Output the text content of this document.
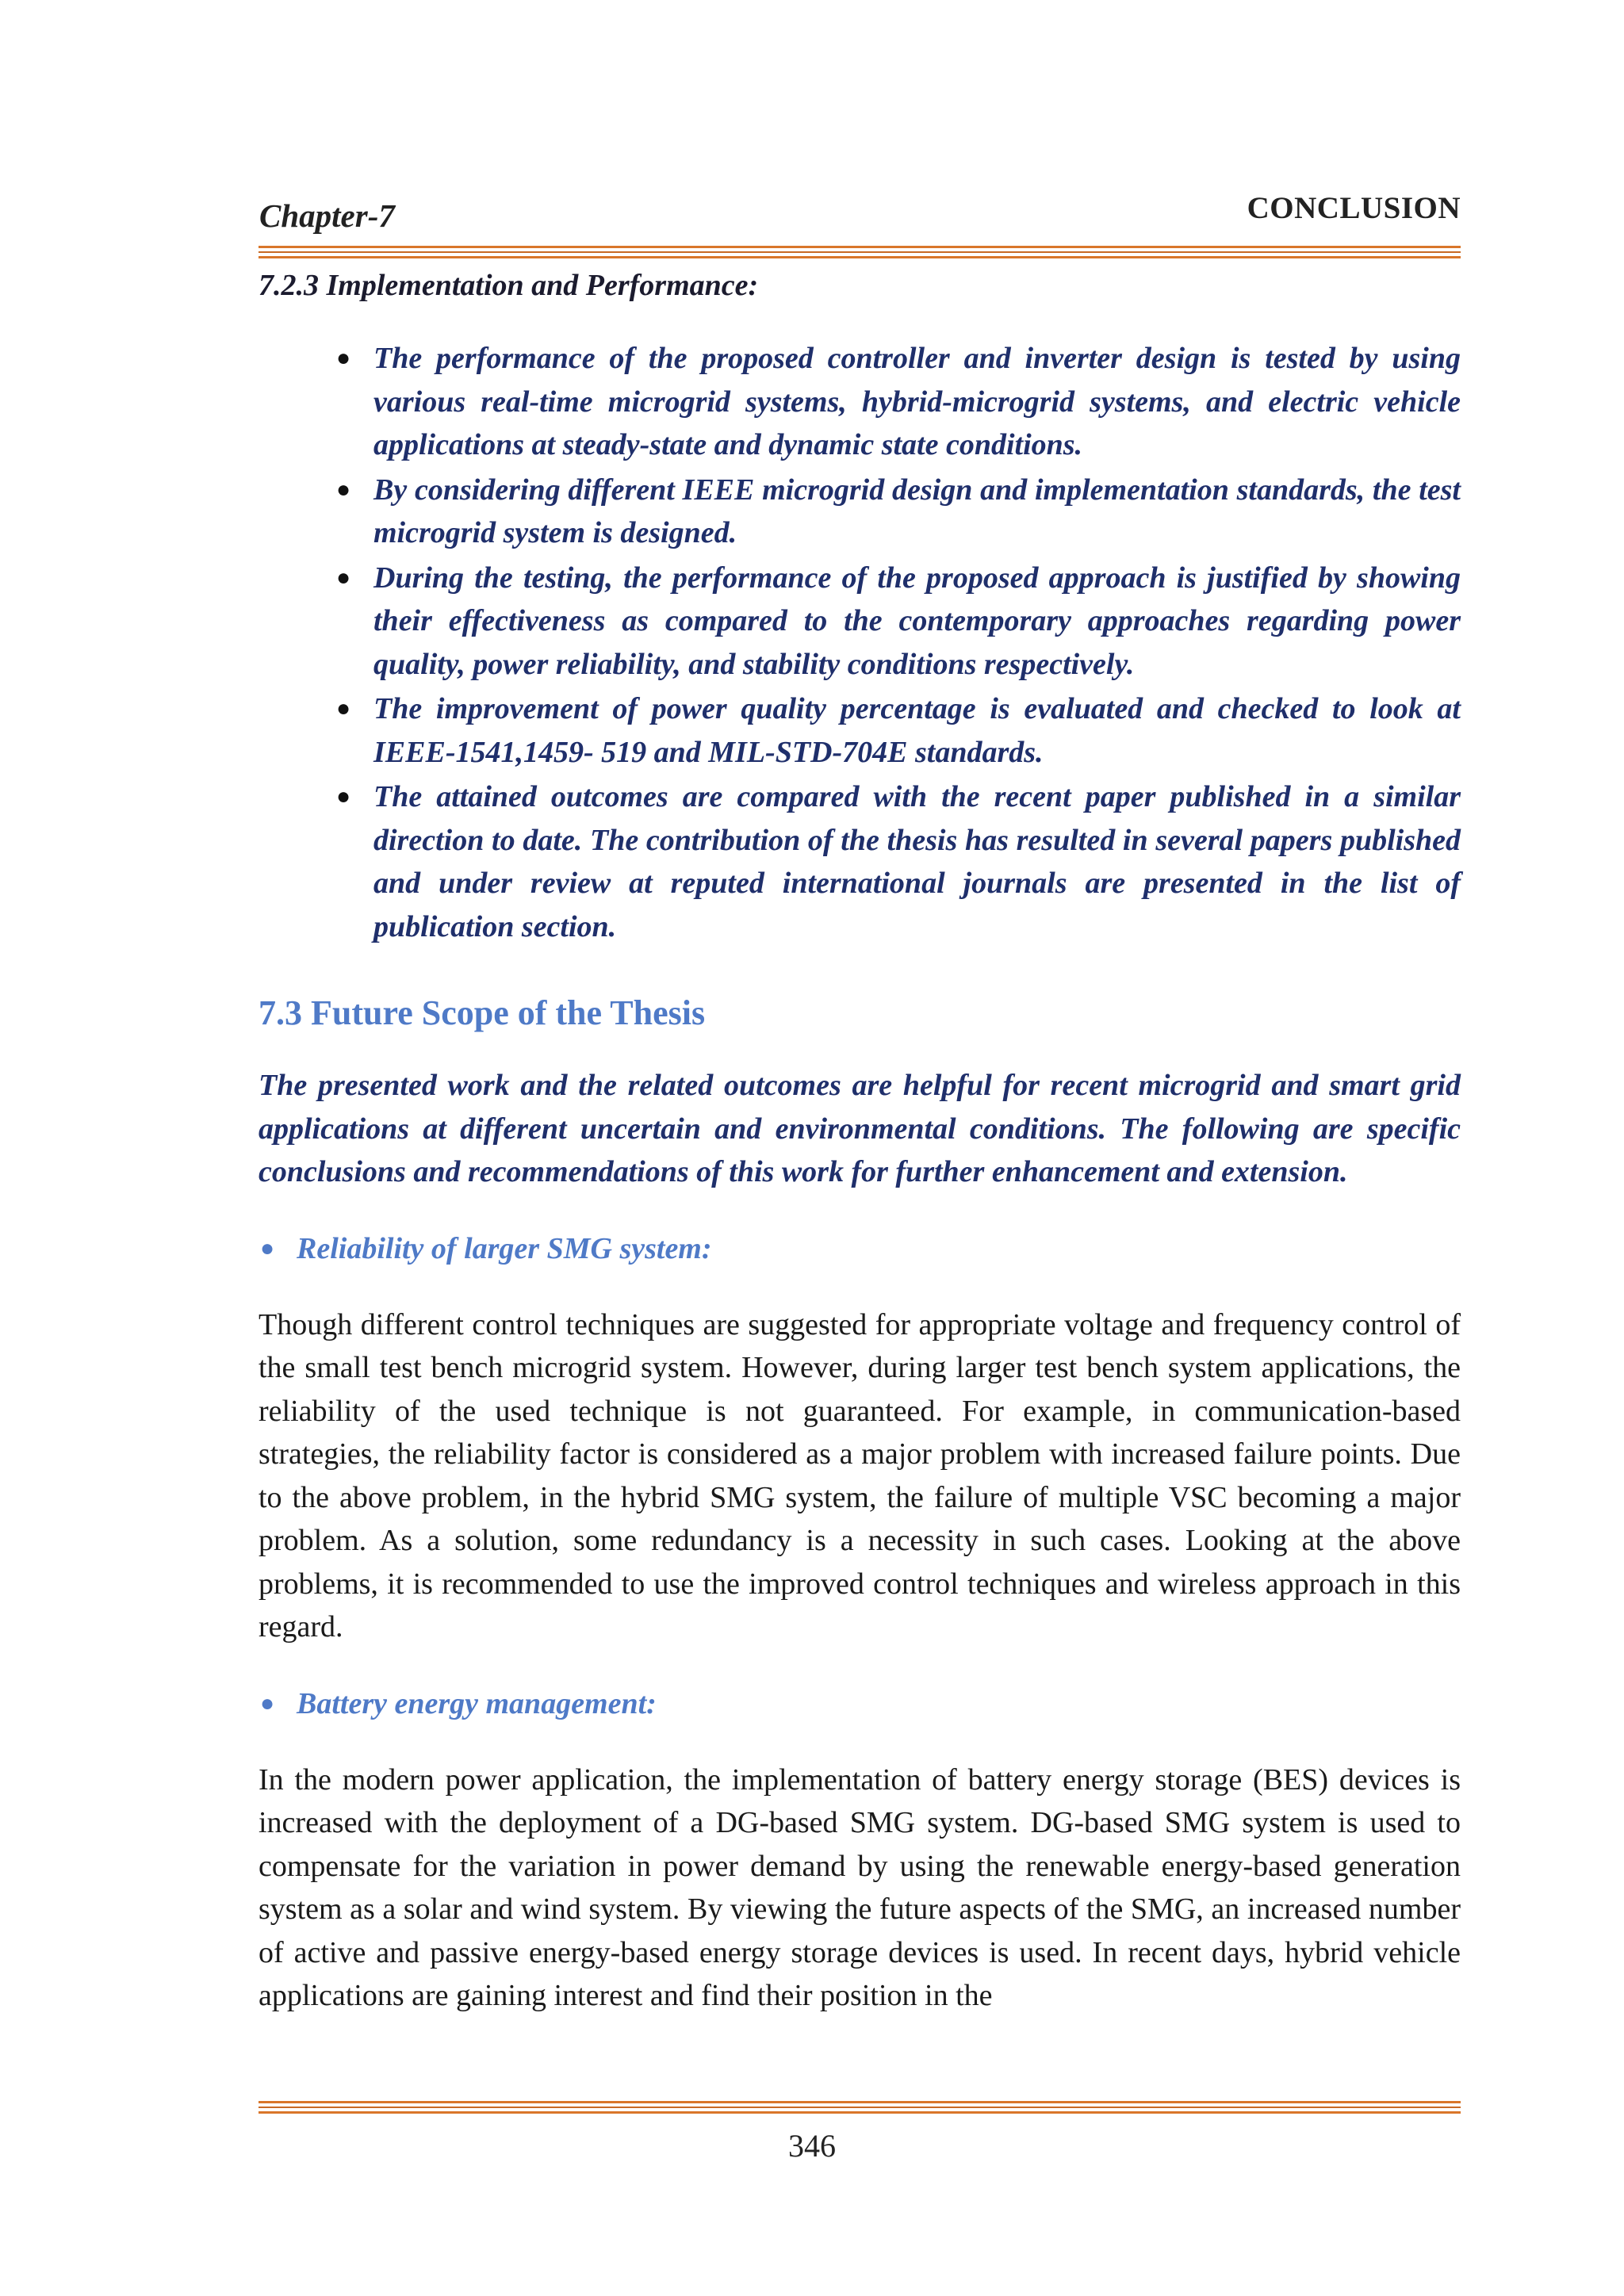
Chapter-7	CONCLUSION

7.2.3 Implementation and Performance:

● The performance of the proposed controller and inverter design is tested by using various real-time microgrid systems, hybrid-microgrid systems, and electric vehicle applications at steady-state and dynamic state conditions.
● By considering different IEEE microgrid design and implementation standards, the test microgrid system is designed.
● During the testing, the performance of the proposed approach is justified by showing their effectiveness as compared to the contemporary approaches regarding power quality, power reliability, and stability conditions respectively.
● The improvement of power quality percentage is evaluated and checked to look at IEEE-1541,1459- 519 and MIL-STD-704E standards.
● The attained outcomes are compared with the recent paper published in a similar direction to date. The contribution of the thesis has resulted in several papers published and under review at reputed international journals are presented in the list of publication section.
7.3 Future Scope of the Thesis

The presented work and the related outcomes are helpful for recent microgrid and smart grid applications at different uncertain and environmental conditions. The following are specific conclusions and recommendations of this work for further enhancement and extension.

● Reliability of larger SMG system:

Though different control techniques are suggested for appropriate voltage and frequency control of the small test bench microgrid system. However, during larger test bench system applications, the reliability of the used technique is not guaranteed. For example, in communication-based strategies, the reliability factor is considered as a major problem with increased failure points. Due to the above problem, in the hybrid SMG system, the failure of multiple VSC becoming a major problem. As a solution, some redundancy is a necessity in such cases. Looking at the above problems, it is recommended to use the improved control techniques and wireless approach in this regard.

● Battery energy management:

In the modern power application, the implementation of battery energy storage (BES) devices is increased with the deployment of a DG-based SMG system. DG-based SMG system is used to compensate for the variation in power demand by using the renewable energy-based generation system as a solar and wind system. By viewing the future aspects of the SMG, an increased number of active and passive energy-based energy storage devices is used. In recent days, hybrid vehicle applications are gaining interest and find their position in the

346
